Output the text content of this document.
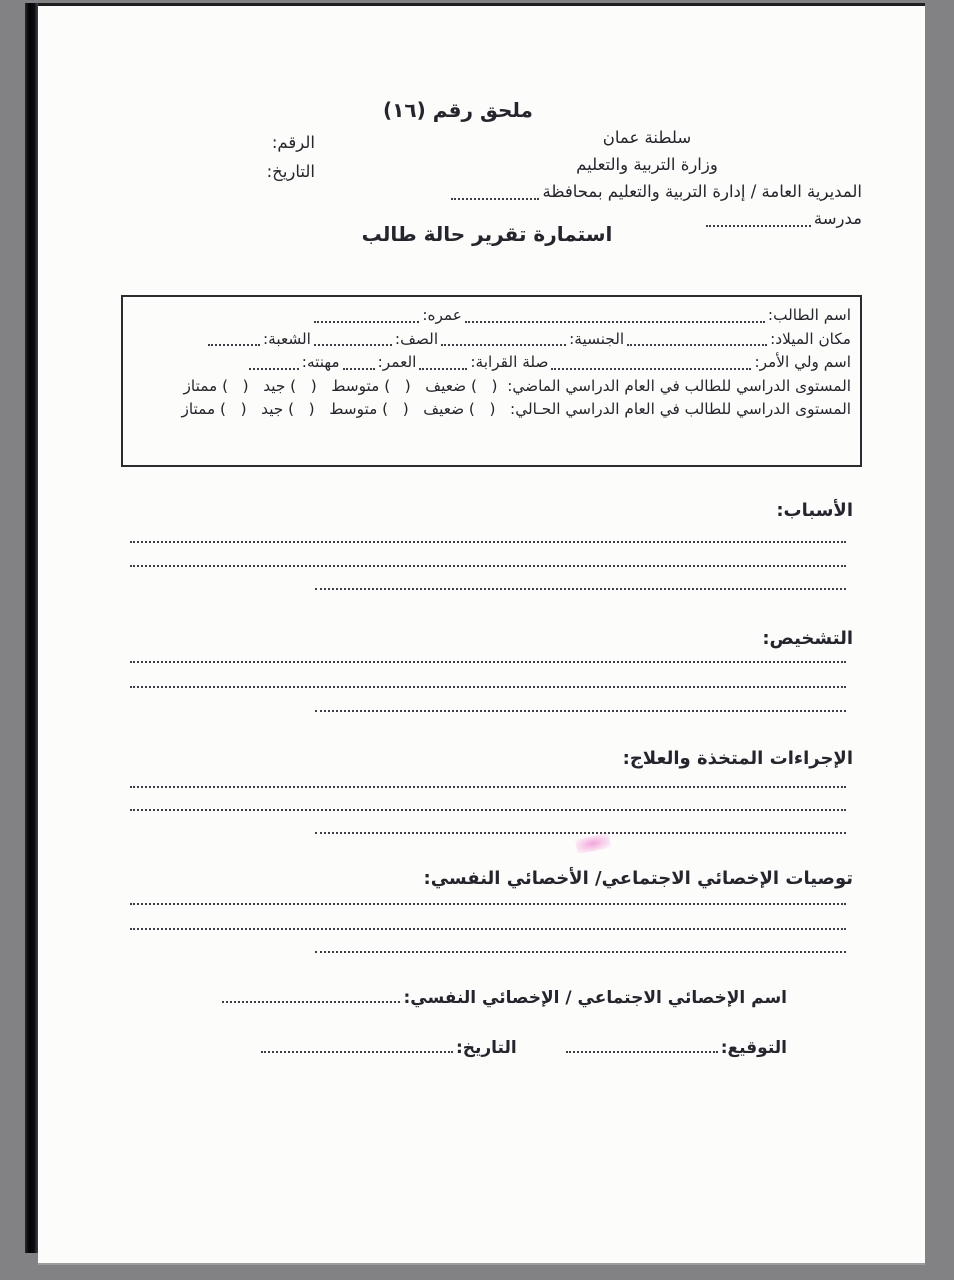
ملحق رقم (١٦)
سلطنة عمان
وزارة التربية والتعليم
المديرية العامة / إدارة التربية والتعليم بمحافظة
مدرسة
الرقم:
التاريخ:
استمارة تقرير حالة طالب
اسم الطالب:
عمره:
مكان الميلاد:
الجنسية:
الصف:
الشعبة:
اسم ولي الأمر:
صلة القرابة:
العمر:
مهنته:
المستوى الدراسي للطالب في العام الدراسي الماضي:  (   ) ضعيف   (   ) متوسط   (   ) جيد   (   ) ممتاز
المستوى الدراسي للطالب في العام الدراسي الحـالي:   (   ) ضعيف   (   ) متوسط   (   ) جيد   (   ) ممتاز
الأسباب:
التشخيص:
الإجراءات المتخذة والعلاج:
توصيات الإخصائي الاجتماعي/ الأخصائي النفسي:
اسم الإخصائي الاجتماعي / الإخصائي النفسي:
التوقيع:
التاريخ:
